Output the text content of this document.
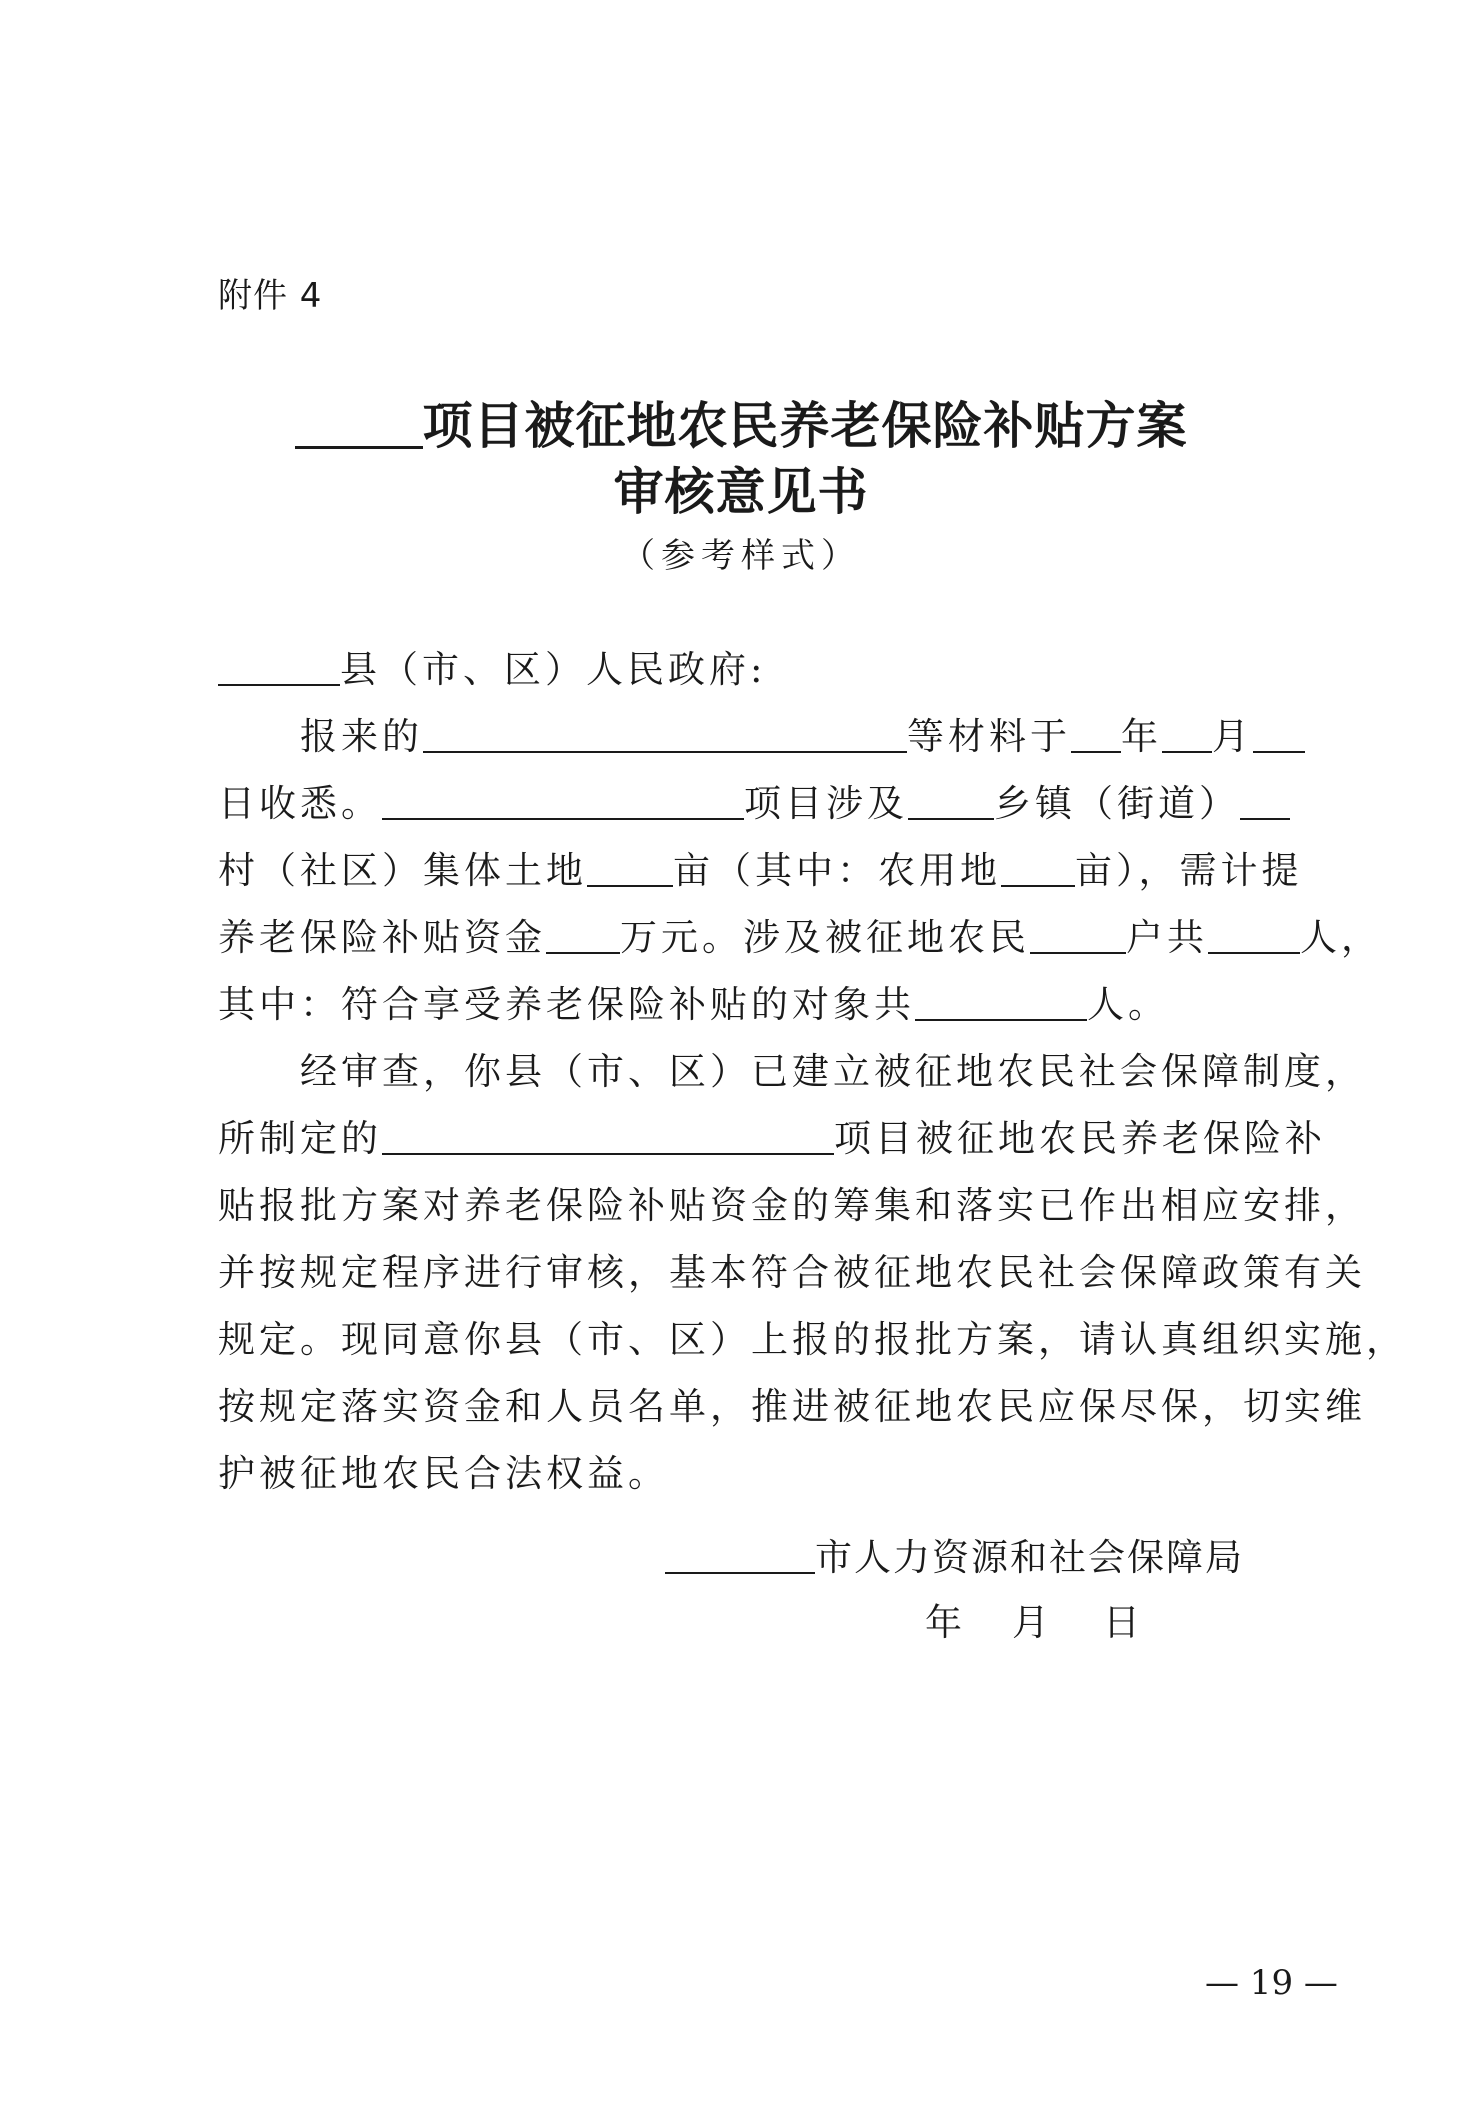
附件 4
项目被征地农民养老保险补贴方案
审核意见书
（参考样式）
县（市、区）人民政府:
报来的	等材料于 年 月
日收悉。	项目涉及 乡镇（街道）
村（社区）集体土地 亩（其中：农用地 亩），需计提
养老保险补贴资金 万元。涉及被征地农民	户共 人，
其中：符合享受养老保险补贴的对象共	人。
经审查，你县（市、区）已建立被征地农民社会保障制度，
所制定的	项目被征地农民养老保险补
贴报批方案对养老保险补贴资金的筹集和落实已作出相应安排，
并按规定程序进行审核，基本符合被征地农民社会保障政策有关
规定。现同意你县（市、区）上报的报批方案，请认真组织实施，
按规定落实资金和人员名单，推进被征地农民应保尽保，切实维
护被征地农民合法权益。
市人力资源和社会保障局
年 月 日
— 19 —
